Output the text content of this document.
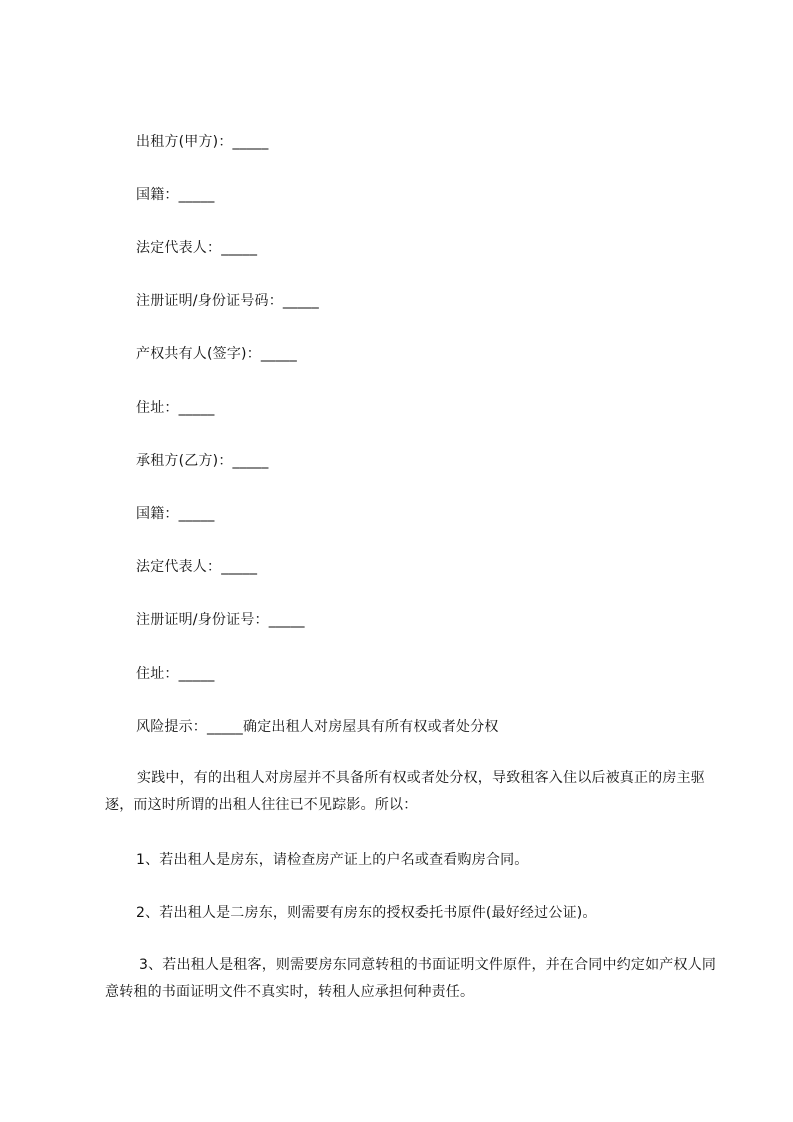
出租方(甲方)：_____
国籍：_____
法定代表人：_____
注册证明/身份证号码：_____
产权共有人(签字)：_____
住址：_____
承租方(乙方)：_____
国籍：_____
法定代表人：_____
注册证明/身份证号：_____
住址：_____
风险提示：_____确定出租人对房屋具有所有权或者处分权
实践中，有的出租人对房屋并不具备所有权或者处分权，导致租客入住以后被真正的房主驱逐，而这时所谓的出租人往往已不见踪影。所以：
1、若出租人是房东，请检查房产证上的户名或查看购房合同。
2、若出租人是二房东，则需要有房东的授权委托书原件(最好经过公证)。
3、若出租人是租客，则需要房东同意转租的书面证明文件原件，并在合同中约定如产权人同意转租的书面证明文件不真实时，转租人应承担何种责任。
